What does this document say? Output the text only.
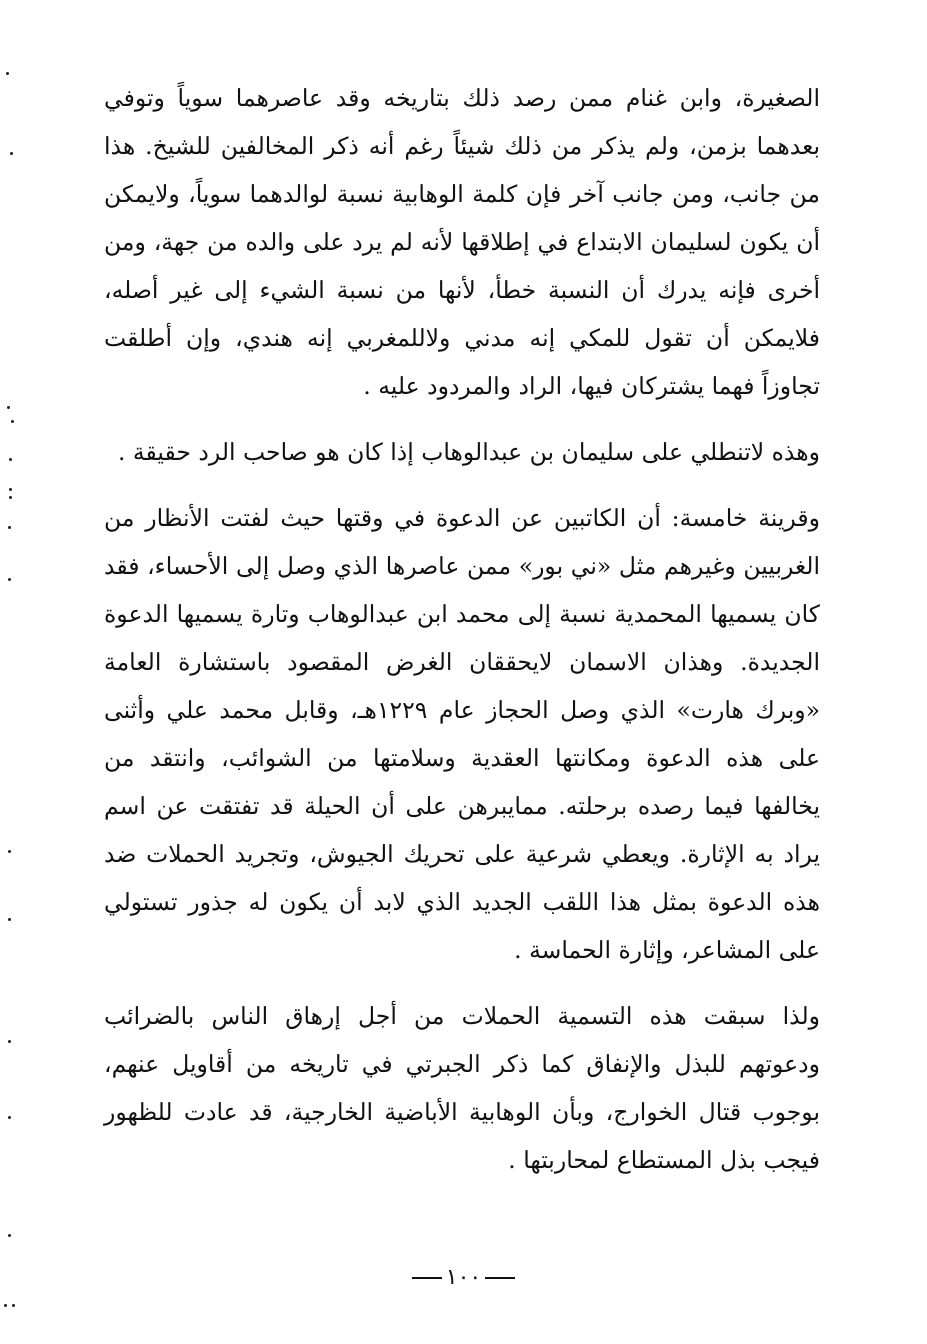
الصغيرة، وابن غنام ممن رصد ذلك بتاريخه وقد عاصرهما سوياً وتوفي بعدهما بزمن، ولم يذكر من ذلك شيئاً رغم أنه ذكر المخالفين للشيخ. هذا من جانب، ومن جانب آخر فإن كلمة الوهابية نسبة لوالدهما سوياً، ولايمكن أن يكون لسليمان الابتداع في إطلاقها لأنه لم يرد على والده من جهة، ومن أخرى فإنه يدرك أن النسبة خطأ، لأنها من نسبة الشيء إلى غير أصله، فلايمكن أن تقول للمكي إنه مدني ولاللمغربي إنه هندي، وإن أطلقت تجاوزاً فهما يشتركان فيها، الراد والمردود عليه .

وهذه لاتنطلي على سليمان بن عبدالوهاب إذا كان هو صاحب الرد حقيقة .

وقرينة خامسة: أن الكاتبين عن الدعوة في وقتها حيث لفتت الأنظار من الغربيين وغيرهم مثل «ني بور» ممن عاصرها الذي وصل إلى الأحساء، فقد كان يسميها المحمدية نسبة إلى محمد ابن عبدالوهاب وتارة يسميها الدعوة الجديدة. وهذان الاسمان لايحققان الغرض المقصود باستشارة العامة «وبرك هارت» الذي وصل الحجاز عام ١٢٢٩هـ، وقابل محمد علي وأثنى على هذه الدعوة ومكانتها العقدية وسلامتها من الشوائب، وانتقد من يخالفها فيما رصده برحلته. ممايبرهن على أن الحيلة قد تفتقت عن اسم يراد به الإثارة. ويعطي شرعية على تحريك الجيوش، وتجريد الحملات ضد هذه الدعوة بمثل هذا اللقب الجديد الذي لابد أن يكون له جذور تستولي على المشاعر، وإثارة الحماسة .

ولذا سبقت هذه التسمية الحملات من أجل إرهاق الناس بالضرائب ودعوتهم للبذل والإنفاق كما ذكر الجبرتي في تاريخه من أقاويل عنهم، بوجوب قتال الخوارج، وبأن الوهابية الأباضية الخارجية، قد عادت للظهور فيجب بذل المستطاع لمحاربتها .

١٠٠
